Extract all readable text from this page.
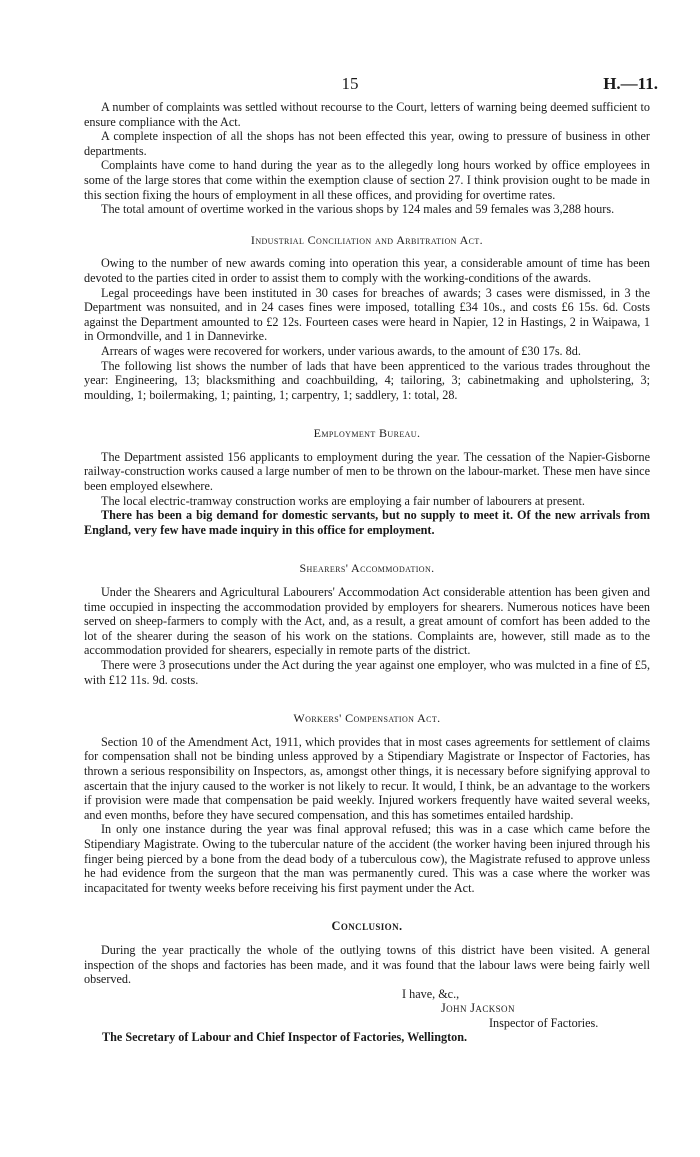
15	H.—11.

A number of complaints was settled without recourse to the Court, letters of warning being deemed sufficient to ensure compliance with the Act.

A complete inspection of all the shops has not been effected this year, owing to pressure of business in other departments.

Complaints have come to hand during the year as to the allegedly long hours worked by office employees in some of the large stores that come within the exemption clause of section 27. I think provision ought to be made in this section fixing the hours of employment in all these offices, and providing for overtime rates.

The total amount of overtime worked in the various shops by 124 males and 59 females was 3,288 hours.

Industrial Conciliation and Arbitration Act.

Owing to the number of new awards coming into operation this year, a considerable amount of time has been devoted to the parties cited in order to assist them to comply with the working-conditions of the awards.

Legal proceedings have been instituted in 30 cases for breaches of awards; 3 cases were dismissed, in 3 the Department was nonsuited, and in 24 cases fines were imposed, totalling £34 10s., and costs £6 15s. 6d. Costs against the Department amounted to £2 12s. Fourteen cases were heard in Napier, 12 in Hastings, 2 in Waipawa, 1 in Ormondville, and 1 in Dannevirke.

Arrears of wages were recovered for workers, under various awards, to the amount of £30 17s. 8d.

The following list shows the number of lads that have been apprenticed to the various trades throughout the year: Engineering, 13; blacksmithing and coachbuilding, 4; tailoring, 3; cabinetmaking and upholstering, 3; moulding, 1; boilermaking, 1; painting, 1; carpentry, 1; saddlery, 1: total, 28.

Employment Bureau.

The Department assisted 156 applicants to employment during the year. The cessation of the Napier-Gisborne railway-construction works caused a large number of men to be thrown on the labour-market. These men have since been employed elsewhere.

The local electric-tramway construction works are employing a fair number of labourers at present.

There has been a big demand for domestic servants, but no supply to meet it. Of the new arrivals from England, very few have made inquiry in this office for employment.

Shearers' Accommodation.

Under the Shearers and Agricultural Labourers' Accommodation Act considerable attention has been given and time occupied in inspecting the accommodation provided by employers for shearers. Numerous notices have been served on sheep-farmers to comply with the Act, and, as a result, a great amount of comfort has been added to the lot of the shearer during the season of his work on the stations. Complaints are, however, still made as to the accommodation provided for shearers, especially in remote parts of the district.

There were 3 prosecutions under the Act during the year against one employer, who was mulcted in a fine of £5, with £12 11s. 9d. costs.

Workers' Compensation Act.

Section 10 of the Amendment Act, 1911, which provides that in most cases agreements for settlement of claims for compensation shall not be binding unless approved by a Stipendiary Magistrate or Inspector of Factories, has thrown a serious responsibility on Inspectors, as, amongst other things, it is necessary before signifying approval to ascertain that the injury caused to the worker is not likely to recur. It would, I think, be an advantage to the workers if provision were made that compensation be paid weekly. Injured workers frequently have waited several weeks, and even months, before they have secured compensation, and this has sometimes entailed hardship.

In only one instance during the year was final approval refused; this was in a case which came before the Stipendiary Magistrate. Owing to the tubercular nature of the accident (the worker having been injured through his finger being pierced by a bone from the dead body of a tuberculous cow), the Magistrate refused to approve unless he had evidence from the surgeon that the man was permanently cured. This was a case where the worker was incapacitated for twenty weeks before receiving his first payment under the Act.

Conclusion.

During the year practically the whole of the outlying towns of this district have been visited. A general inspection of the shops and factories has been made, and it was found that the labour laws were being fairly well observed.

I have, &c.,
John Jackson
Inspector of Factories.
The Secretary of Labour and Chief Inspector of Factories, Wellington.
